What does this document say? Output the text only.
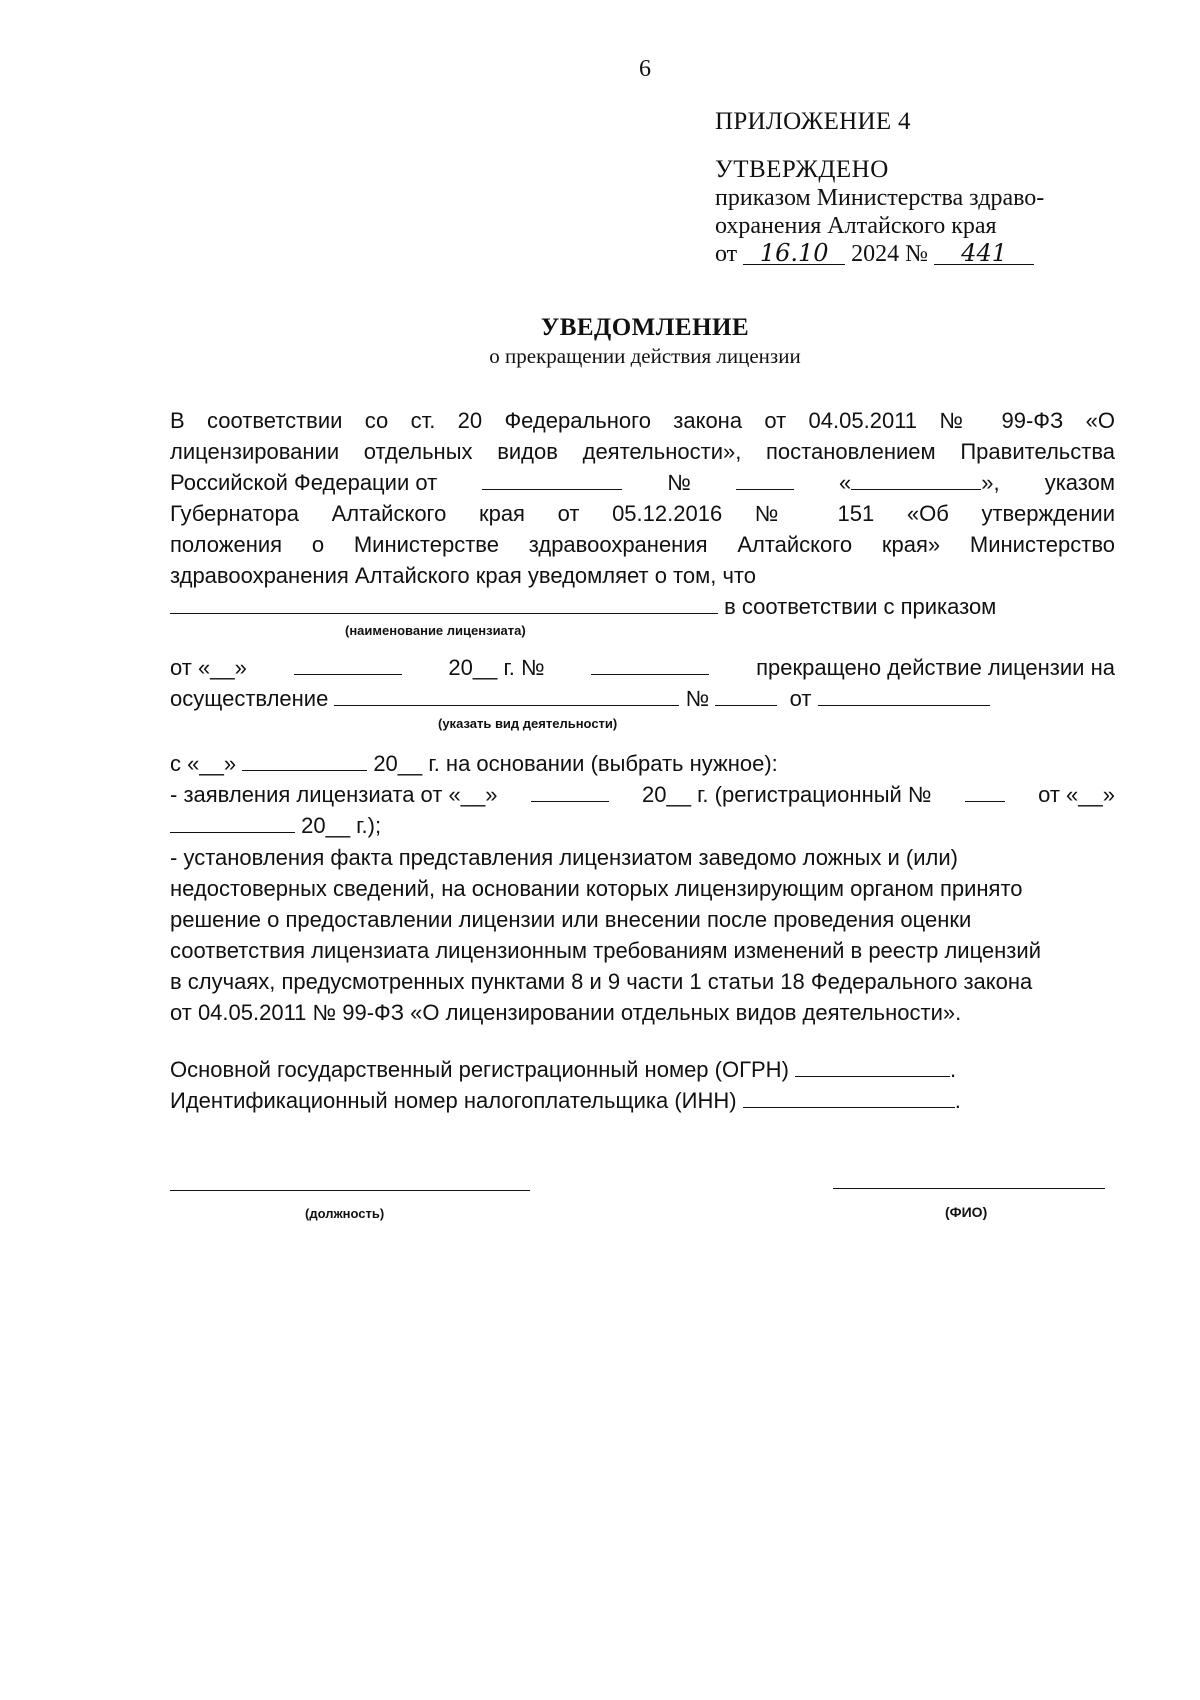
6
ПРИЛОЖЕНИЕ 4
УТВЕРЖДЕНО
приказом Министерства здраво-
охранения Алтайского края
от 16.10 2024 № 441
УВЕДОМЛЕНИЕ
о прекращении действия лицензии
В соответствии со ст. 20 Федерального закона от 04.05.2011 № 99-ФЗ «О
лицензировании отдельных видов деятельности», постановлением Правительства
Российской Федерации от	№	«	», указом
Губернатора Алтайского края от 05.12.2016 № 151 «Об утверждении
положения о Министерстве здравоохранения Алтайского края» Министерство
здравоохранения Алтайского края уведомляет о том, что
в соответствии с приказом
(наименование лицензиата)
от «__»	20__ г. №	прекращено действие лицензии на
осуществление	№	от
(указать вид деятельности)
с «__»	20__ г. на основании (выбрать нужное):
- заявления лицензиата от «__»	20__ г. (регистрационный №	от «__»
20__ г.);
- установления факта представления лицензиатом заведомо ложных и (или)
недостоверных сведений, на основании которых лицензирующим органом принято
решение о предоставлении лицензии или внесении после проведения оценки
соответствия лицензиата лицензионным требованиям изменений в реестр лицензий
в случаях, предусмотренных пунктами 8 и 9 части 1 статьи 18 Федерального закона
от 04.05.2011 № 99-ФЗ «О лицензировании отдельных видов деятельности».
Основной государственный регистрационный номер (ОГРН)	.
Идентификационный номер налогоплательщика (ИНН)	.
(должность)	(ФИО)
